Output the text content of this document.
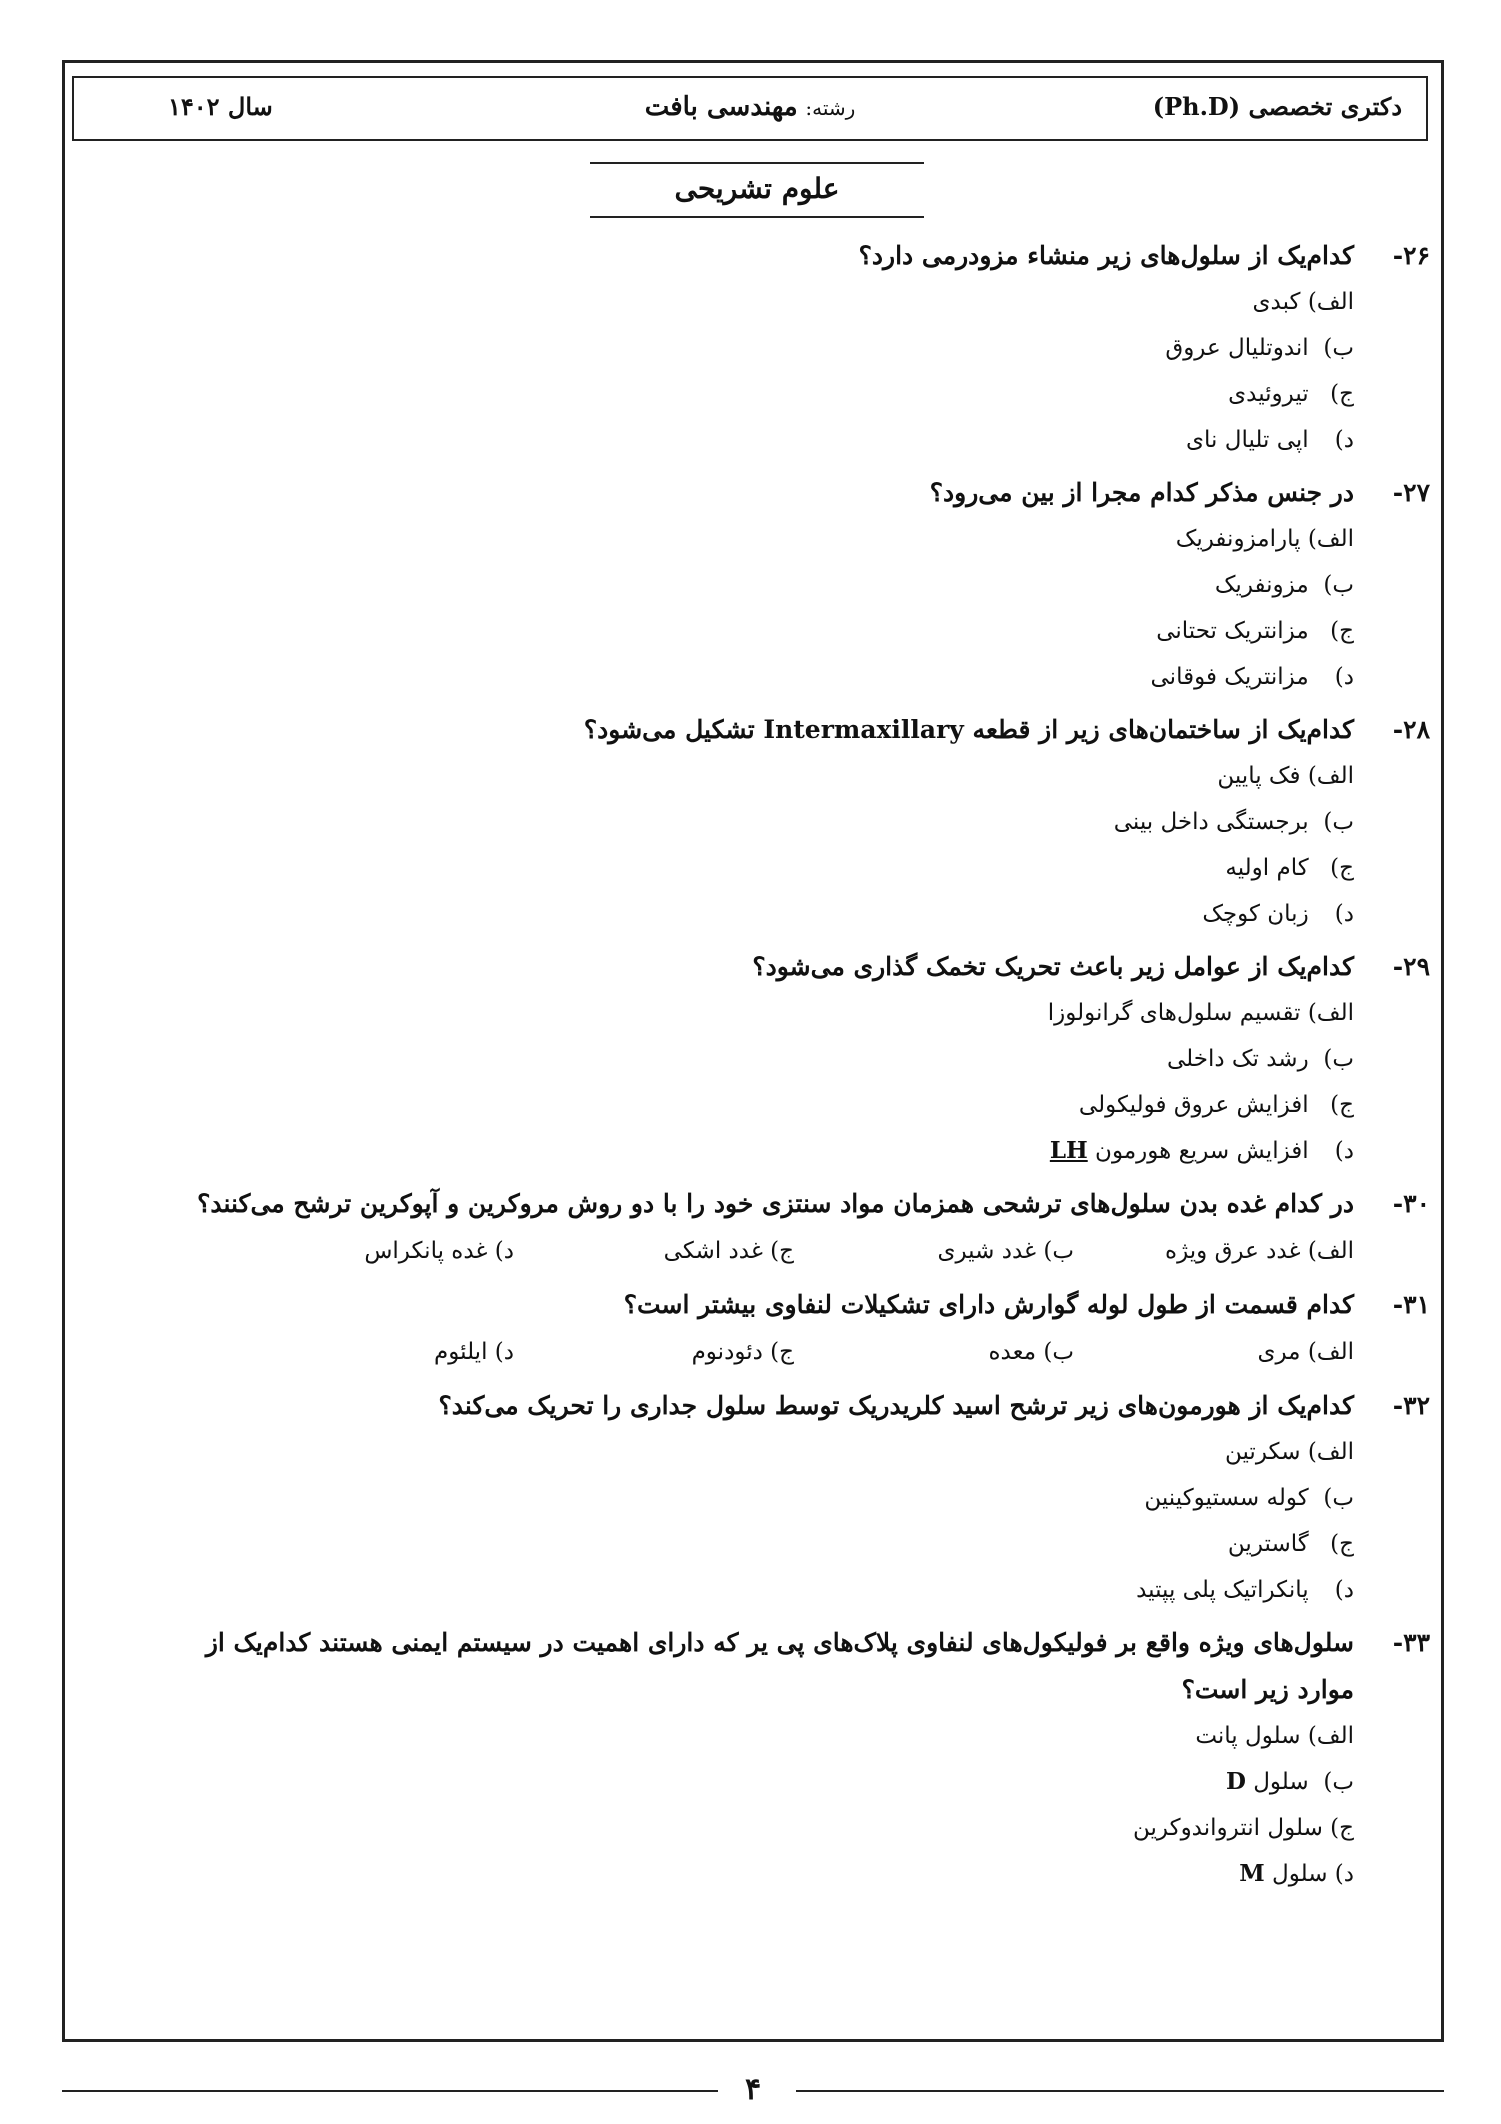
دکتری تخصصی (Ph.D)
رشته: مهندسی بافت
سال ۱۴۰۲
علوم تشریحی
۲۶-
کدام‌یک از سلول‌های زیر منشاء مزودرمی دارد؟
الف) کبدی
ب) اندوتلیال عروق
ج) تیروئیدی
د) اپی تلیال نای
۲۷-
در جنس مذکر کدام مجرا از بین می‌رود؟
الف) پارامزونفریک
ب) مزونفریک
ج) مزانتریک تحتانی
د) مزانتریک فوقانی
۲۸-
کدام‌یک از ساختمان‌های زیر از قطعه Intermaxillary تشکیل می‌شود؟
الف) فک پایین
ب) برجستگی داخل بینی
ج) کام اولیه
د) زبان کوچک
۲۹-
کدام‌یک از عوامل زیر باعث تحریک تخمک گذاری می‌شود؟
الف) تقسیم سلول‌های گرانولوزا
ب) رشد تک داخلی
ج) افزایش عروق فولیکولی
د) افزایش سریع هورمون LH
۳۰-
در کدام غده بدن سلول‌های ترشحی همزمان مواد سنتزی خود را با دو روش مروکرین و آپوکرین ترشح می‌کنند؟
الف) غدد عرق ویژه
ب) غدد شیری
ج) غدد اشکی
د) غده پانکراس
۳۱-
کدام قسمت از طول لوله گوارش دارای تشکیلات لنفاوی بیشتر است؟
الف) مری
ب) معده
ج) دئودنوم
د) ایلئوم
۳۲-
کدام‌یک از هورمون‌های زیر ترشح اسید کلریدریک توسط سلول جداری را تحریک می‌کند؟
الف) سکرتین
ب) کوله سستیوکینین
ج) گاسترین
د) پانکراتیک پلی پپتید
۳۳-
سلول‌های ویژه واقع بر فولیکول‌های لنفاوی پلاک‌های پی یر که دارای اهمیت در سیستم ایمنی هستند کدام‌یک از
موارد زیر است؟
الف) سلول پانت
ب) سلول D
ج) سلول انترواندوکرین
د) سلول M
۴
